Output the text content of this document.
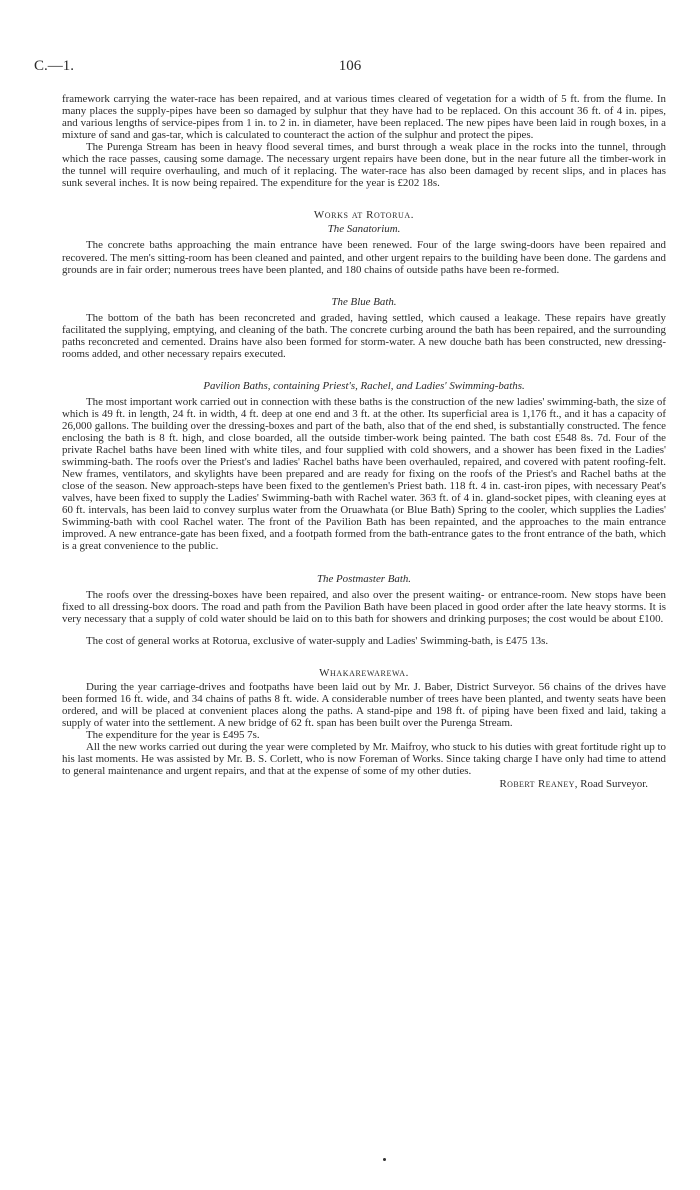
C.—1.	106

framework carrying the water-race has been repaired, and at various times cleared of vegetation for a width of 5 ft. from the flume. In many places the supply-pipes have been so damaged by sulphur that they have had to be replaced. On this account 36 ft. of 4 in. pipes, and various lengths of service-pipes from 1 in. to 2 in. in diameter, have been replaced. The new pipes have been laid in rough boxes, in a mixture of sand and gas-tar, which is calculated to counteract the action of the sulphur and protect the pipes.

The Purenga Stream has been in heavy flood several times, and burst through a weak place in the rocks into the tunnel, through which the race passes, causing some damage. The necessary urgent repairs have been done, but in the near future all the timber-work in the tunnel will require overhauling, and much of it replacing. The water-race has also been damaged by recent slips, and in places has sunk several inches. It is now being repaired. The expenditure for the year is £202 18s.

Works at Rotorua.
The Sanatorium.

The concrete baths approaching the main entrance have been renewed. Four of the large swing-doors have been repaired and recovered. The men's sitting-room has been cleaned and painted, and other urgent repairs to the building have been done. The gardens and grounds are in fair order; numerous trees have been planted, and 180 chains of outside paths have been re-formed.

The Blue Bath.

The bottom of the bath has been reconcreted and graded, having settled, which caused a leakage. These repairs have greatly facilitated the supplying, emptying, and cleaning of the bath. The concrete curbing around the bath has been repaired, and the surrounding paths reconcreted and cemented. Drains have also been formed for storm-water. A new douche bath has been constructed, new dressing-rooms added, and other necessary repairs executed.

Pavilion Baths, containing Priest's, Rachel, and Ladies' Swimming-baths.

The most important work carried out in connection with these baths is the construction of the new ladies' swimming-bath, the size of which is 49 ft. in length, 24 ft. in width, 4 ft. deep at one end and 3 ft. at the other. Its superficial area is 1,176 ft., and it has a capacity of 26,000 gallons. The building over the dressing-boxes and part of the bath, also that of the end shed, is substantially constructed. The fence enclosing the bath is 8 ft. high, and close boarded, all the outside timber-work being painted. The bath cost £548 8s. 7d. Four of the private Rachel baths have been lined with white tiles, and four supplied with cold showers, and a shower has been fixed in the Ladies' swimming-bath. The roofs over the Priest's and ladies' Rachel baths have been overhauled, repaired, and covered with patent roofing-felt. New frames, ventilators, and skylights have been prepared and are ready for fixing on the roofs of the Priest's and Rachel baths at the close of the season. New approach-steps have been fixed to the gentlemen's Priest bath. 118 ft. 4 in. cast-iron pipes, with necessary Peat's valves, have been fixed to supply the Ladies' Swimming-bath with Rachel water. 363 ft. of 4 in. gland-socket pipes, with cleaning eyes at 60 ft. intervals, has been laid to convey surplus water from the Oruawhata (or Blue Bath) Spring to the cooler, which supplies the Ladies' Swimming-bath with cool Rachel water. The front of the Pavilion Bath has been repainted, and the approaches to the main entrance improved. A new entrance-gate has been fixed, and a footpath formed from the bath-entrance gates to the front entrance of the bath, which is a great convenience to the public.

The Postmaster Bath.

The roofs over the dressing-boxes have been repaired, and also over the present waiting- or entrance-room. New stops have been fixed to all dressing-box doors. The road and path from the Pavilion Bath have been placed in good order after the late heavy storms. It is very necessary that a supply of cold water should be laid on to this bath for showers and drinking purposes; the cost would be about £100.

The cost of general works at Rotorua, exclusive of water-supply and Ladies' Swimming-bath, is £475 13s.

Whakarewarewa.

During the year carriage-drives and footpaths have been laid out by Mr. J. Baber, District Surveyor. 56 chains of the drives have been formed 16 ft. wide, and 34 chains of paths 8 ft. wide. A considerable number of trees have been planted, and twenty seats have been ordered, and will be placed at convenient places along the paths. A stand-pipe and 198 ft. of piping have been fixed and laid, taking a supply of water into the settlement. A new bridge of 62 ft. span has been built over the Purenga Stream.

The expenditure for the year is £495 7s.

All the new works carried out during the year were completed by Mr. Maifroy, who stuck to his duties with great fortitude right up to his last moments. He was assisted by Mr. B. S. Corlett, who is now Foreman of Works. Since taking charge I have only had time to attend to general maintenance and urgent repairs, and that at the expense of some of my other duties.

Robert Reaney, Road Surveyor.
